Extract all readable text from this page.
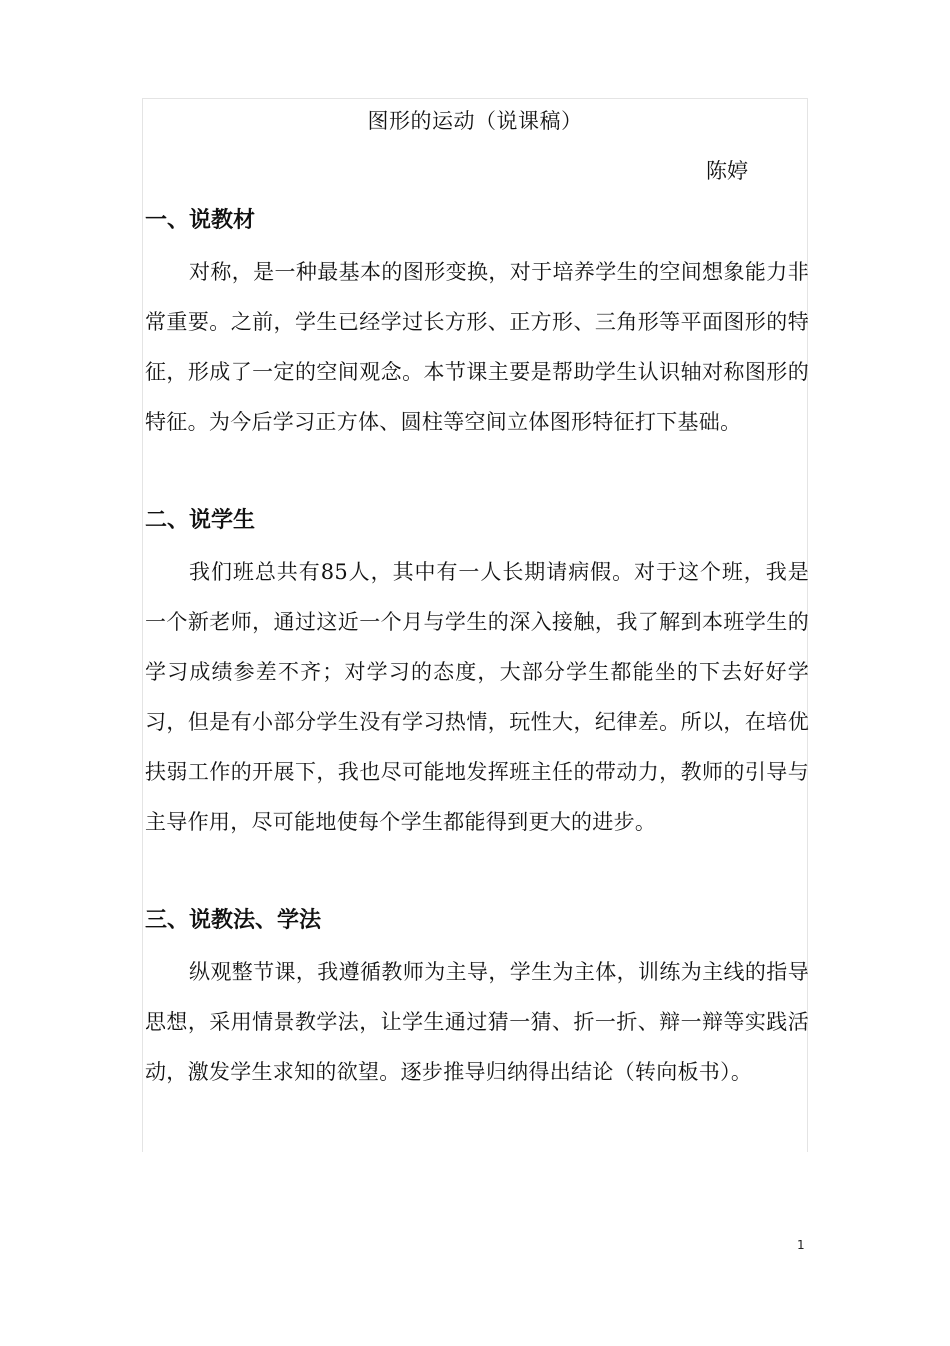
图形的运动（说课稿）
陈婷
一、说教材

对称，是一种最基本的图形变换，对于培养学生的空间想象能力非常重要。之前，学生已经学过长方形、正方形、三角形等平面图形的特征，形成了一定的空间观念。本节课主要是帮助学生认识轴对称图形的特征。为今后学习正方体、圆柱等空间立体图形特征打下基础。

二、说学生

我们班总共有85人，其中有一人长期请病假。对于这个班，我是一个新老师，通过这近一个月与学生的深入接触，我了解到本班学生的学习成绩参差不齐；对学习的态度，大部分学生都能坐的下去好好学习，但是有小部分学生没有学习热情，玩性大，纪律差。所以，在培优扶弱工作的开展下，我也尽可能地发挥班主任的带动力，教师的引导与主导作用，尽可能地使每个学生都能得到更大的进步。

三、说教法、学法

纵观整节课，我遵循教师为主导，学生为主体，训练为主线的指导思想，采用情景教学法，让学生通过猜一猜、折一折、辩一辩等实践活动，激发学生求知的欲望。逐步推导归纳得出结论（转向板书）。

1
